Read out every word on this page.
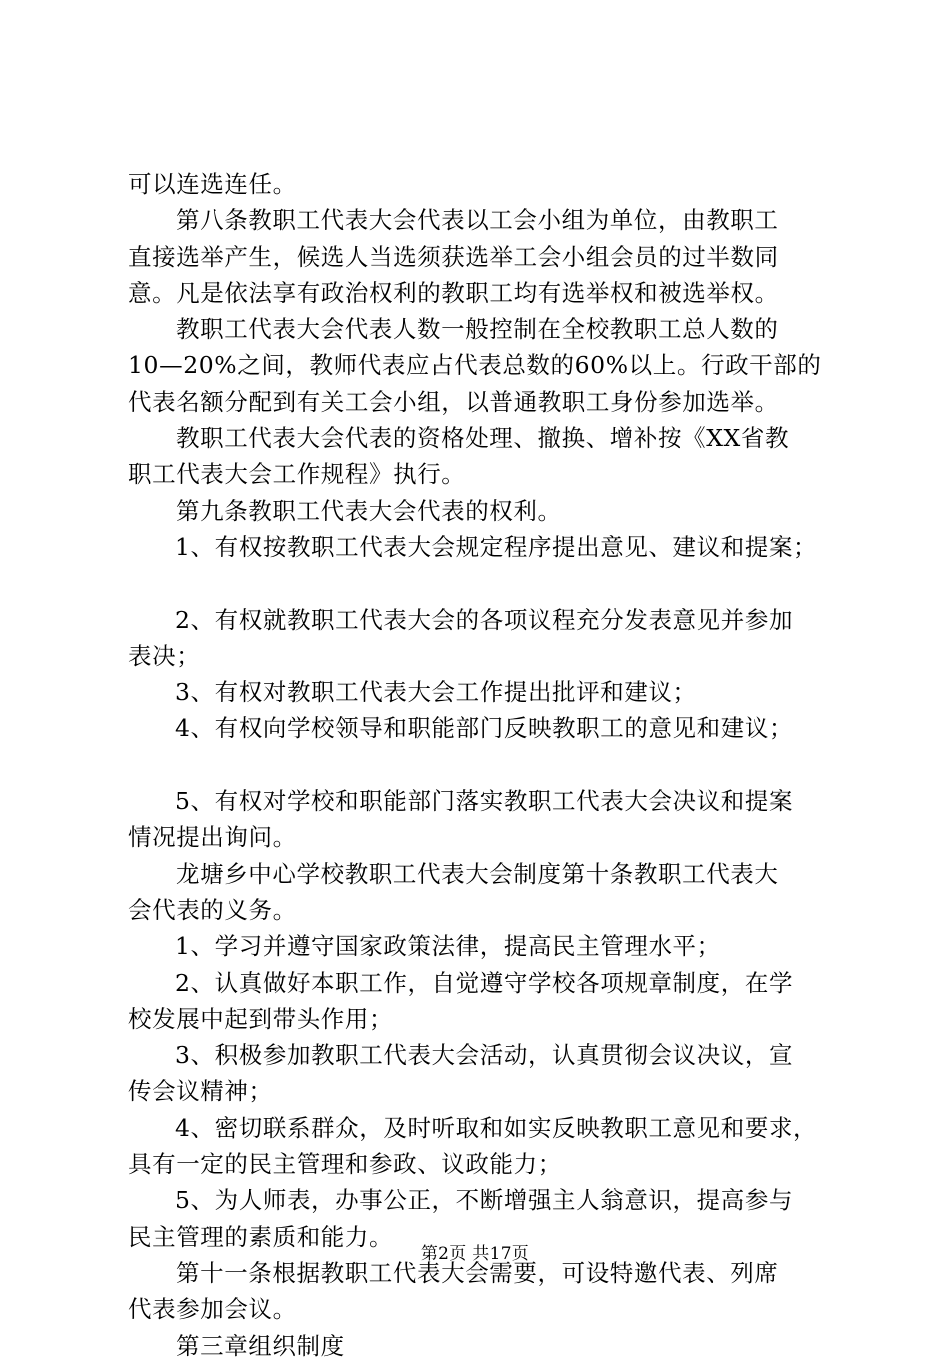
可以连选连任。
第八条教职工代表大会代表以工会小组为单位，由教职工
直接选举产生，候选人当选须获选举工会小组会员的过半数同
意。凡是依法享有政治权利的教职工均有选举权和被选举权。
教职工代表大会代表人数一般控制在全校教职工总人数的
10—20%之间，教师代表应占代表总数的60%以上。行政干部的
代表名额分配到有关工会小组，以普通教职工身份参加选举。
教职工代表大会代表的资格处理、撤换、增补按《XX省教
职工代表大会工作规程》执行。
第九条教职工代表大会代表的权利。
1、有权按教职工代表大会规定程序提出意见、建议和提案；
2、有权就教职工代表大会的各项议程充分发表意见并参加
表决；
3、有权对教职工代表大会工作提出批评和建议；
4、有权向学校领导和职能部门反映教职工的意见和建议；
5、有权对学校和职能部门落实教职工代表大会决议和提案
情况提出询问。
龙塘乡中心学校教职工代表大会制度第十条教职工代表大
会代表的义务。
1、学习并遵守国家政策法律，提高民主管理水平；
2、认真做好本职工作，自觉遵守学校各项规章制度，在学
校发展中起到带头作用；
3、积极参加教职工代表大会活动，认真贯彻会议决议，宣
传会议精神；
4、密切联系群众，及时听取和如实反映教职工意见和要求，
具有一定的民主管理和参政、议政能力；
5、为人师表，办事公正，不断增强主人翁意识，提高参与
民主管理的素质和能力。
第十一条根据教职工代表大会需要，可设特邀代表、列席
代表参加会议。
第三章组织制度
第2页 共17页
